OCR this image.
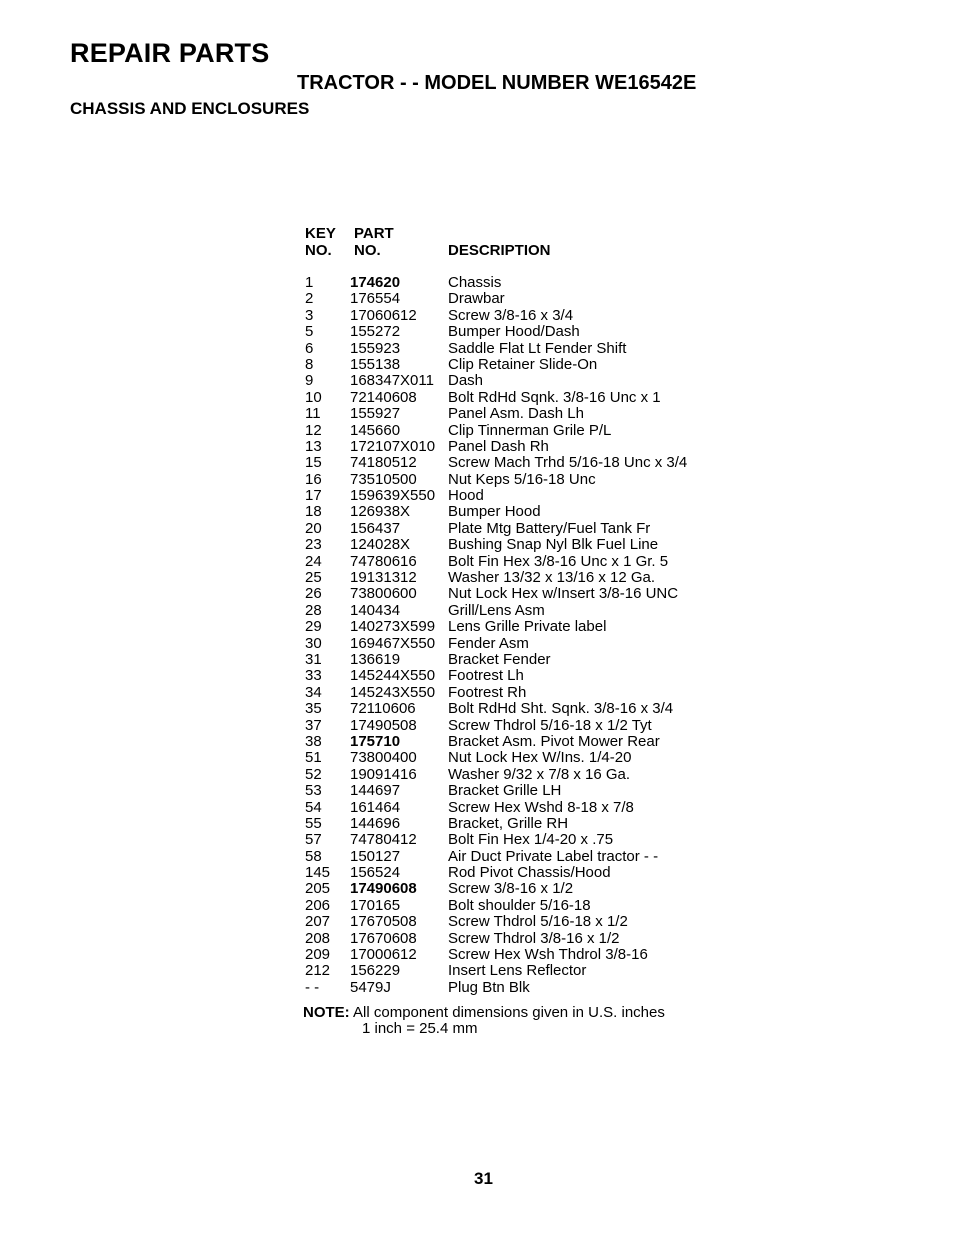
REPAIR PARTS
TRACTOR - - MODEL NUMBER WE16542E
CHASSIS AND ENCLOSURES
KEY
NO.
PART
NO.	DESCRIPTION
1 174620	Chassis
2 176554	Drawbar
3 17060612 Screw 3/8-16 x 3/4
5 155272	Bumper Hood/Dash
6 155923	Saddle Flat Lt Fender Shift
8 155138	Clip Retainer Slide-On
9 168347X011 Dash
10 72140608 Bolt RdHd Sqnk. 3/8-16 Unc x 1
11 155927	Panel Asm. Dash Lh
12 145660	Clip Tinnerman Grile P/L
13 172107X010 Panel Dash Rh
15 74180512 Screw Mach Trhd 5/16-18 Unc x 3/4
16 73510500 Nut Keps 5/16-18 Unc
17 159639X550 Hood
18 126938X	Bumper Hood
20 156437	Plate Mtg Battery/Fuel Tank Fr
23 124028X	Bushing Snap Nyl Blk Fuel Line
24 74780616 Bolt Fin Hex 3/8-16 Unc x 1 Gr. 5
25 19131312 Washer 13/32 x 13/16 x 12 Ga.
26 73800600 Nut Lock Hex w/Insert 3/8-16 UNC
28 140434	Grill/Lens Asm
29 140273X599 Lens Grille Private label
30 169467X550 Fender Asm
31 136619	Bracket Fender
33 145244X550 Footrest Lh
34 145243X550 Footrest Rh
35 72110606 Bolt RdHd Sht. Sqnk. 3/8-16 x 3/4
37 17490508 Screw Thdrol 5/16-18 x 1/2 Tyt
38 175710	Bracket Asm. Pivot Mower Rear
51 73800400 Nut Lock Hex W/Ins. 1/4-20
52 19091416 Washer 9/32 x 7/8 x 16 Ga.
53 144697	Bracket Grille LH
54 161464	Screw Hex Wshd 8-18 x 7/8
55 144696	Bracket, Grille RH
57 74780412 Bolt Fin Hex 1/4-20 x .75
58 150127	Air Duct Private Label tractor - -
145 156524	Rod Pivot Chassis/Hood
205 17490608 Screw 3/8-16 x 1/2
206 170165	Bolt shoulder 5/16-18
207 17670508 Screw Thdrol 5/16-18 x 1/2
208 17670608 Screw Thdrol 3/8-16 x 1/2
209 17000612 Screw Hex Wsh Thdrol 3/8-16
212 156229	Insert Lens Reflector
- - 5479J	Plug Btn Blk
NOTE: All component dimensions given in U.S. inches
1 inch = 25.4 mm
31
